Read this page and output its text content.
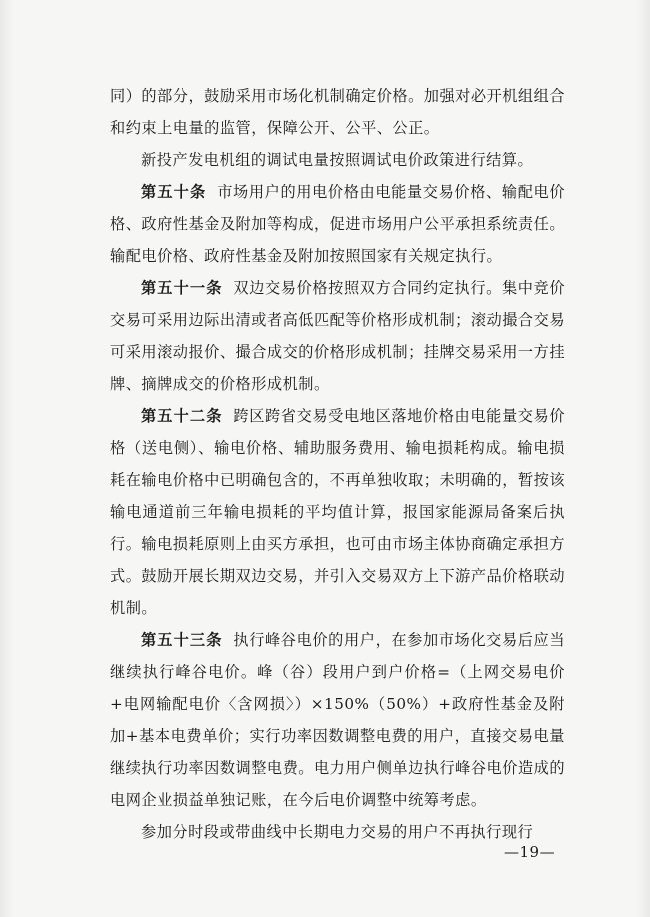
同）的部分，鼓励采用市场化机制确定价格。加强对必开机组组合和约束上电量的监管，保障公开、公平、公正。

新投产发电机组的调试电量按照调试电价政策进行结算。

第五十条 市场用户的用电价格由电能量交易价格、输配电价格、政府性基金及附加等构成，促进市场用户公平承担系统责任。输配电价格、政府性基金及附加按照国家有关规定执行。

第五十一条 双边交易价格按照双方合同约定执行。集中竞价交易可采用边际出清或者高低匹配等价格形成机制；滚动撮合交易可采用滚动报价、撮合成交的价格形成机制；挂牌交易采用一方挂牌、摘牌成交的价格形成机制。

第五十二条 跨区跨省交易受电地区落地价格由电能量交易价格（送电侧）、输电价格、辅助服务费用、输电损耗构成。输电损耗在输电价格中已明确包含的，不再单独收取；未明确的，暂按该输电通道前三年输电损耗的平均值计算，报国家能源局备案后执行。输电损耗原则上由买方承担，也可由市场主体协商确定承担方式。鼓励开展长期双边交易，并引入交易双方上下游产品价格联动机制。

第五十三条 执行峰谷电价的用户，在参加市场化交易后应当继续执行峰谷电价。峰（谷）段用户到户价格=（上网交易电价+电网输配电价〈含网损〉）×150%（50%）+政府性基金及附加+基本电费单价；实行功率因数调整电费的用户，直接交易电量继续执行功率因数调整电费。电力用户侧单边执行峰谷电价造成的电网企业损益单独记账，在今后电价调整中统筹考虑。

参加分时段或带曲线中长期电力交易的用户不再执行现行

—19—
